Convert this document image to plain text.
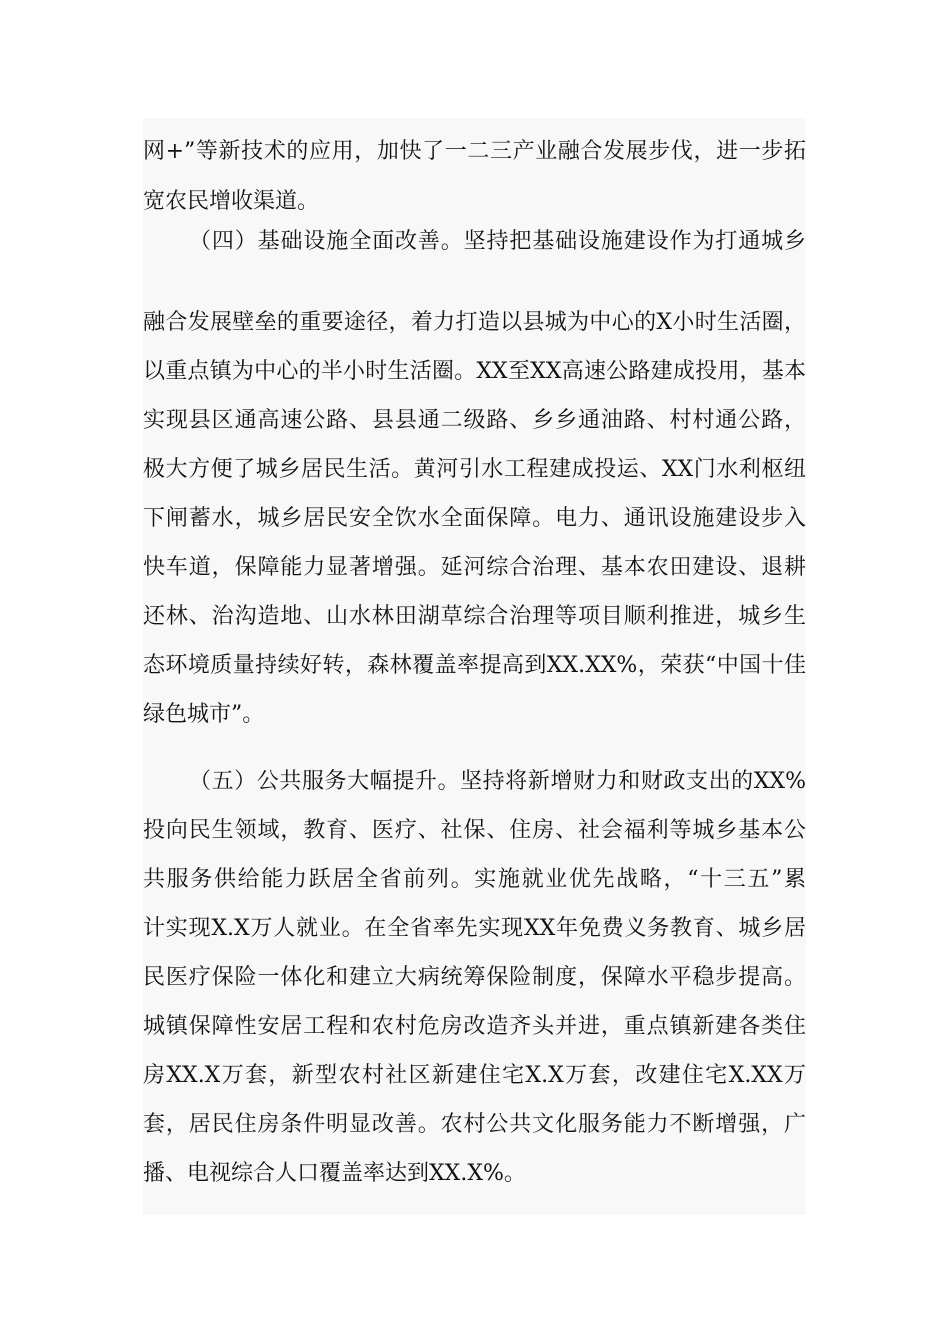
网+”等新技术的应用，加快了一二三产业融合发展步伐，进一步拓
宽农民增收渠道。
（四）基础设施全面改善。坚持把基础设施建设作为打通城乡
融合发展壁垒的重要途径，着力打造以县城为中心的X小时生活圈，
以重点镇为中心的半小时生活圈。XX至XX高速公路建成投用，基本
实现县区通高速公路、县县通二级路、乡乡通油路、村村通公路，
极大方便了城乡居民生活。黄河引水工程建成投运、XX门水利枢纽
下闸蓄水，城乡居民安全饮水全面保障。电力、通讯设施建设步入
快车道，保障能力显著增强。延河综合治理、基本农田建设、退耕
还林、治沟造地、山水林田湖草综合治理等项目顺利推进，城乡生
态环境质量持续好转，森林覆盖率提高到XX.XX%，荣获“中国十佳
绿色城市”。
（五）公共服务大幅提升。坚持将新增财力和财政支出的XX%
投向民生领域，教育、医疗、社保、住房、社会福利等城乡基本公
共服务供给能力跃居全省前列。实施就业优先战略，“十三五”累
计实现X.X万人就业。在全省率先实现XX年免费义务教育、城乡居
民医疗保险一体化和建立大病统筹保险制度，保障水平稳步提高。
城镇保障性安居工程和农村危房改造齐头并进，重点镇新建各类住
房XX.X万套，新型农村社区新建住宅X.X万套，改建住宅X.XX万
套，居民住房条件明显改善。农村公共文化服务能力不断增强，广
播、电视综合人口覆盖率达到XX.X%。
